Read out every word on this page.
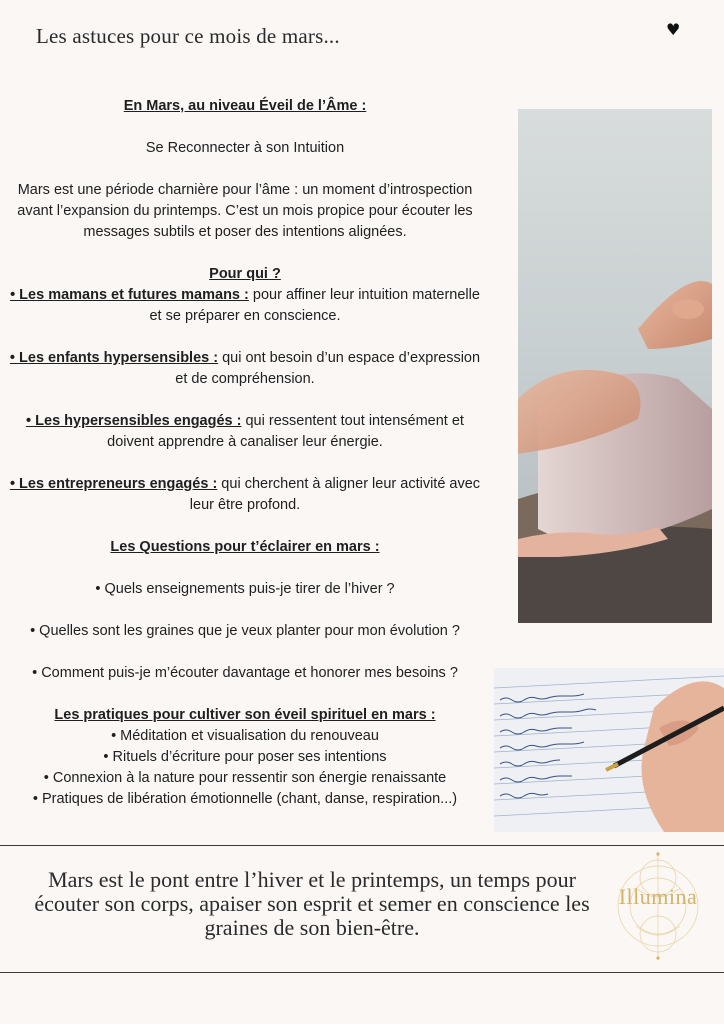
Les astuces pour ce mois de mars...	♥

En Mars, au niveau Éveil de l’Âme :

Se Reconnecter à son Intuition

Mars est une période charnière pour l’âme : un moment d’introspection avant l’expansion du printemps. C’est un mois propice pour écouter les messages subtils et poser des intentions alignées.

Pour qui ?

• Les mamans et futures mamans : pour affiner leur intuition maternelle et se préparer en conscience.

• Les enfants hypersensibles : qui ont besoin d’un espace d’expression et de compréhension.

• Les hypersensibles engagés : qui ressentent tout intensément et doivent apprendre à canaliser leur énergie.

• Les entrepreneurs engagés : qui cherchent à aligner leur activité avec leur être profond.

Les Questions pour t’éclairer en mars :

• Quels enseignements puis-je tirer de l’hiver ?

• Quelles sont les graines que je veux planter pour mon évolution ?

• Comment puis-je m’écouter davantage et honorer mes besoins ?

Les pratiques pour cultiver son éveil spirituel en mars :

• Méditation et visualisation du renouveau

• Rituels d’écriture pour poser ses intentions

• Connexion à la nature pour ressentir son énergie renaissante

• Pratiques de libération émotionnelle (chant, danse, respiration...)

Mars est le pont entre l’hiver et le printemps, un temps pour écouter son corps, apaiser son esprit et semer en conscience les graines de son bien-être.
Illumina
